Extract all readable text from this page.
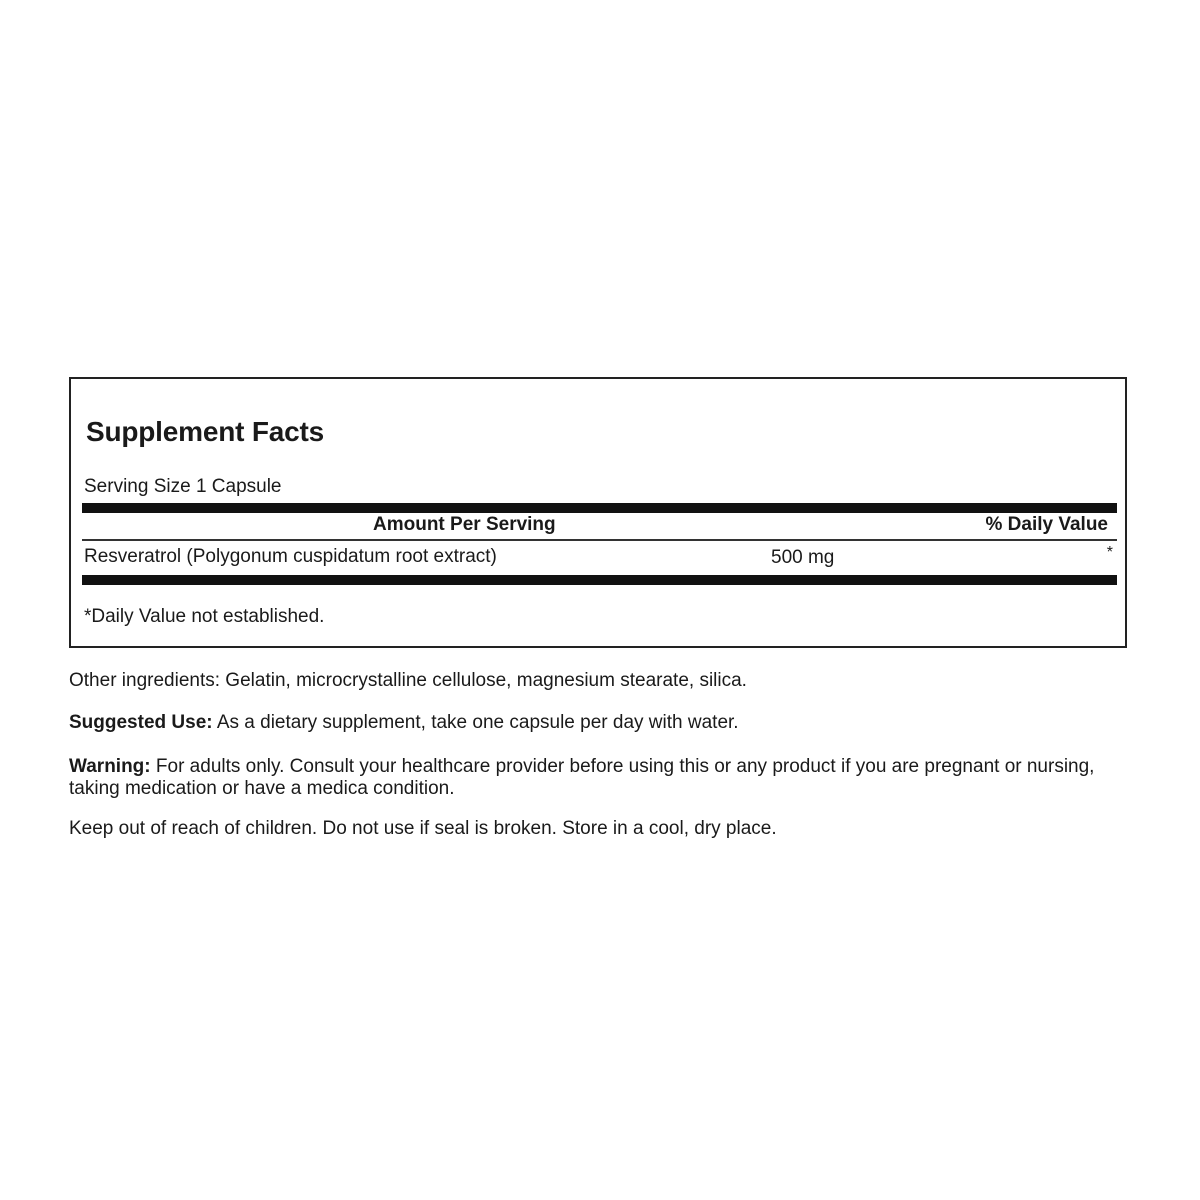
Supplement Facts
Serving Size 1 Capsule
Amount Per Serving	% Daily Value
Resveratrol (Polygonum cuspidatum root extract)	500 mg	*
*Daily Value not established.
Other ingredients: Gelatin, microcrystalline cellulose, magnesium stearate, silica.
Suggested Use: As a dietary supplement, take one capsule per day with water.
Warning: For adults only. Consult your healthcare provider before using this or any product if you are pregnant or nursing, taking medication or have a medica condition.
Keep out of reach of children. Do not use if seal is broken. Store in a cool, dry place.
